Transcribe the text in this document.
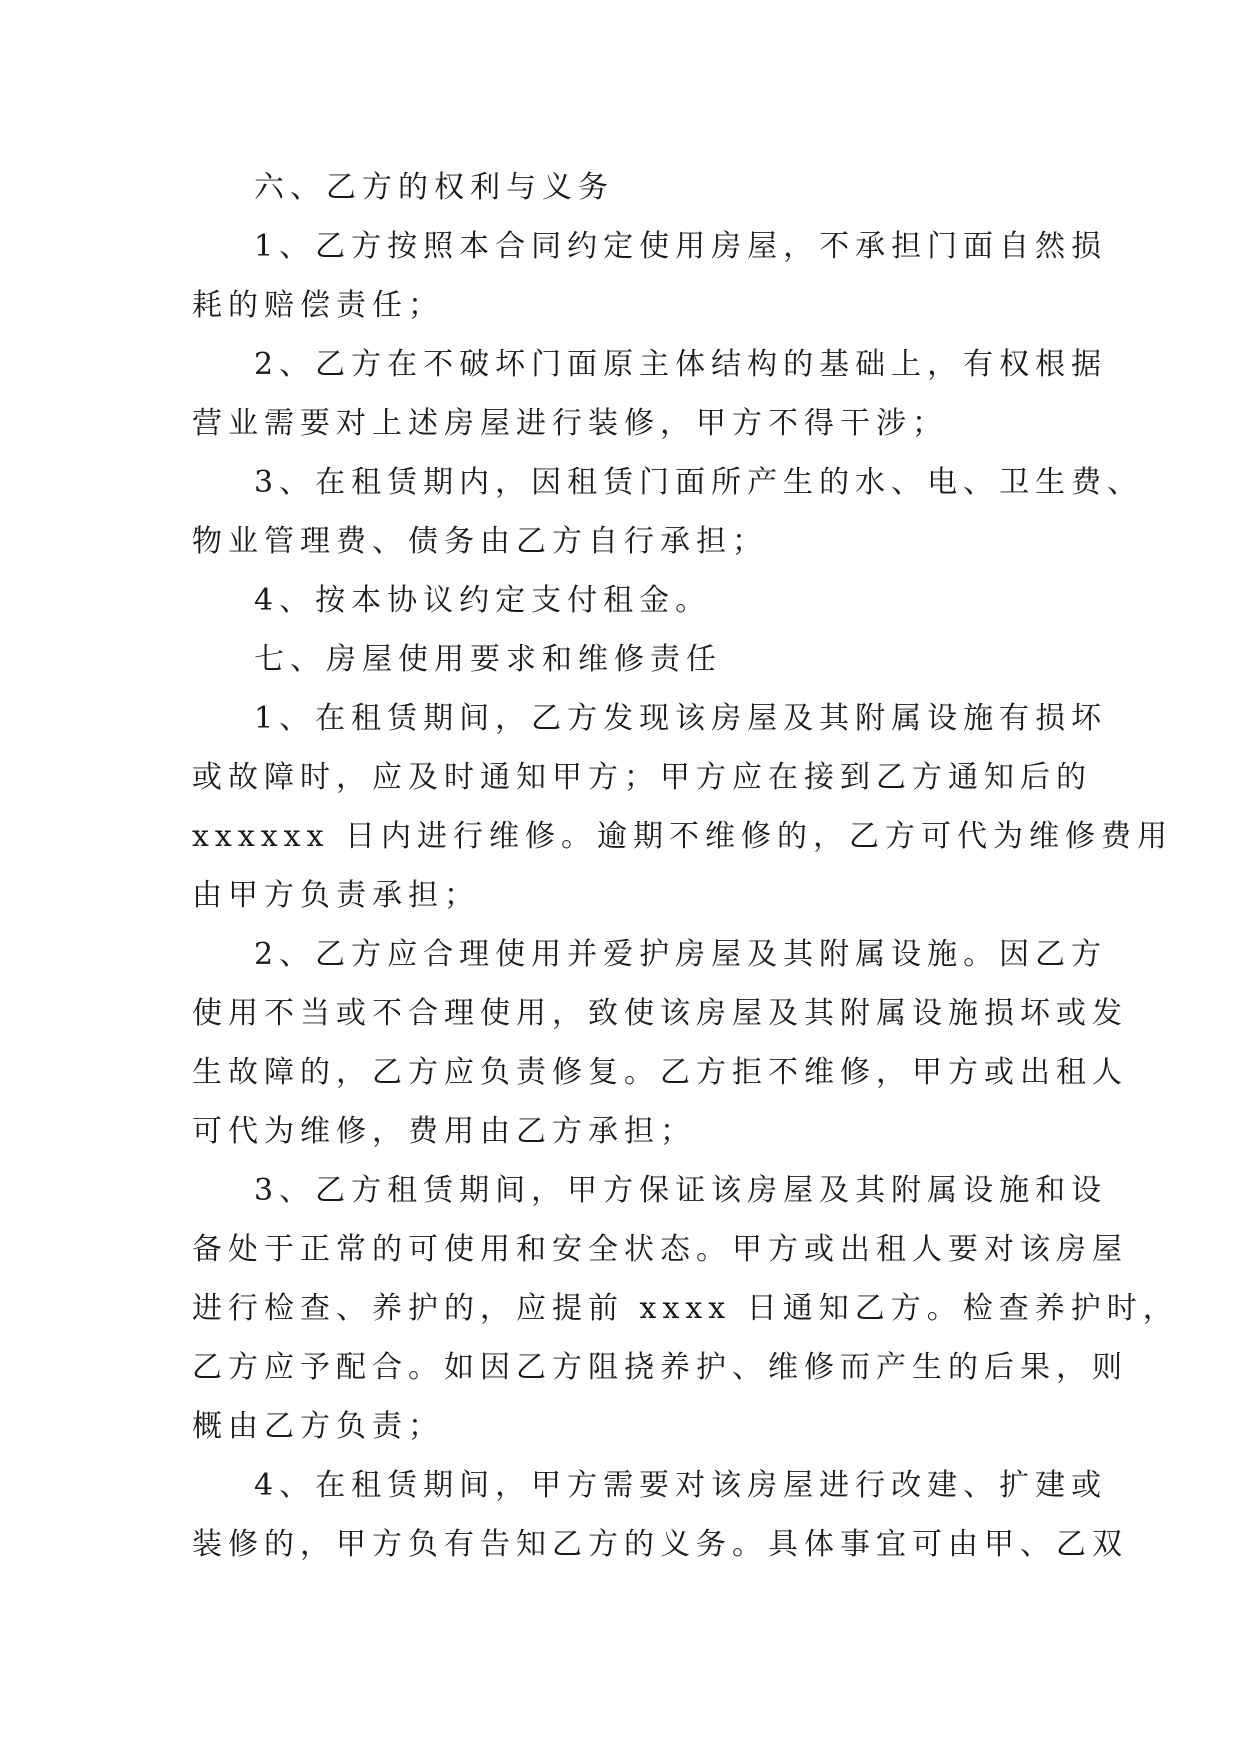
六、乙方的权利与义务
1、乙方按照本合同约定使用房屋，不承担门面自然损
耗的赔偿责任；
2、乙方在不破坏门面原主体结构的基础上，有权根据
营业需要对上述房屋进行装修，甲方不得干涉；
3、在租赁期内，因租赁门面所产生的水、电、卫生费、
物业管理费、债务由乙方自行承担；
4、按本协议约定支付租金。
七、房屋使用要求和维修责任
1、在租赁期间，乙方发现该房屋及其附属设施有损坏
或故障时，应及时通知甲方；甲方应在接到乙方通知后的
xxxxxx 日内进行维修。逾期不维修的，乙方可代为维修费用
由甲方负责承担；
2、乙方应合理使用并爱护房屋及其附属设施。因乙方
使用不当或不合理使用，致使该房屋及其附属设施损坏或发
生故障的，乙方应负责修复。乙方拒不维修，甲方或出租人
可代为维修，费用由乙方承担；
3、乙方租赁期间，甲方保证该房屋及其附属设施和设
备处于正常的可使用和安全状态。甲方或出租人要对该房屋
进行检查、养护的，应提前 xxxx 日通知乙方。检查养护时，
乙方应予配合。如因乙方阻挠养护、维修而产生的后果，则
概由乙方负责；
4、在租赁期间，甲方需要对该房屋进行改建、扩建或
装修的，甲方负有告知乙方的义务。具体事宜可由甲、乙双
